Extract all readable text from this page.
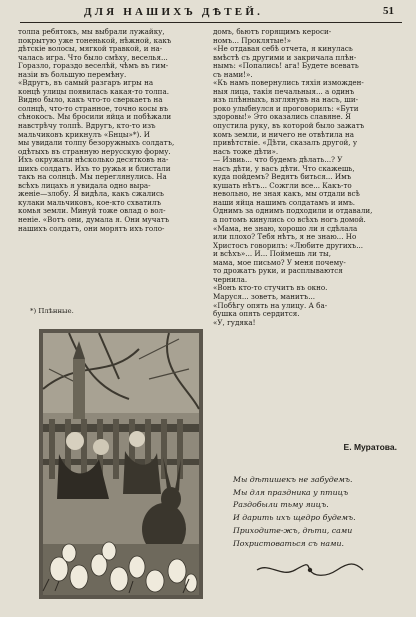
ДЛЯ НАШИХЪ ДѢТЕЙ.	51
толпа ребятокъ, мы выбрали лужайку,
покрытую уже тоненькой, нѣжной, какъ
дѣтскіе волосы, мягкой травкой, и на-
чалась игра. Что было смѣху, веселья...
Горазло, гораздо веселѣй, чѣмъ въ гим-
назіи въ большую перемѣну.
«Вдругъ, въ самый разгаръ игры на
концѣ улицы появилась какая-то толпа.
Видно было, какъ что-то сверкаетъ на
солнцѣ, что-то странное, точно косы въ
сѣнокосъ. Мы бросили яйца и побѣжали
навстрѣчу толпѣ. Вдругъ, кто-то изъ
мальчиковъ крикнулъ «Бнцы»*). И
мы увидали толпу безоружныхъ солдатъ,
одѣтыхъ въ странную нерусскую форму.
Ихъ окружали нѣсколько десятковъ на-
шихъ солдатъ. Ихъ то ружья и блистали
такъ на солнцѣ. Мы переглянулись. На
всѣхъ лицахъ я увидала одно выра-
женіе—злобу. Я видѣла, какъ сжались
кулаки мальчиковъ, кое-кто схватилъ
комья земли. Минуй тоже овлад о вол-
неніе. «Вотъ они, думала я. Они мучатъ
нашихъ солдатъ, они морятъ ихъ голо-
домъ, бьютъ горящимъ кероси-
номъ... Проклятые!»
«Не отдавая себѣ отчета, я кинулась
вмѣстѣ съ другими и закричала плѣн-
нымъ: «Попались! ага! Будете всевать
съ нами!».
«Къ намъ повернулись тяхія изможден-
ныя лица, такія печальныя... а одинъ
изъ плѣнныхъ, взглянувъ на насъ, ши-
роко улыбнулся и проговорилъ: «Бути
здоровы!» Это оказались славяне. Я
опустила руку, въ которой было зажатъ
комъ земли, и ничего не отвѣтила на
привѣтствіе. «Дѣти, сказалъ другой, у
насъ тоже дѣти».
— Извиь... что будемъ дѣлать...? У
насъ дѣти, у васъ дѣти. Что скажешь,
куда пойдемъ? Ведятъ биться... Имъ
кушать нѣтъ... Сожгли все... Какъ-то
невольно, не зная какъ, мы отдали всѣ
наши яйца нашимъ солдатамъ и имъ.
Однимъ за однимъ подходили и отдавали,
а потомъ кинулись со всѣхъ ногъ домой.
«Мама, не знаю, хорошо ли я сдѣлала
или плохо? Тебя нѣтъ, я не знаю... Но
Христосъ говорилъ: «Любите другихъ...
и всѣхъ»... И... Поймешь ли ты,
мама, мое письмо? У меня почему-
то дрожатъ руки, и расплываются
чернила.
«Вонъ кто-то стучитъ въ окно.
Маруся... зоветъ, манитъ...
«Побѣгу опять на улицу. А ба-
бушка опять сердится.
«У, гудяка!
*) Плѣнные.
Е. Муратова.
Мы дѣтишекъ не забудемъ.
Мы для праздника у птицъ
Раздобыли тьму яицъ.
И дарить ихъ щедро будемъ.
Приходите-жъ, дѣти, сами
Похристоваться съ нами.
